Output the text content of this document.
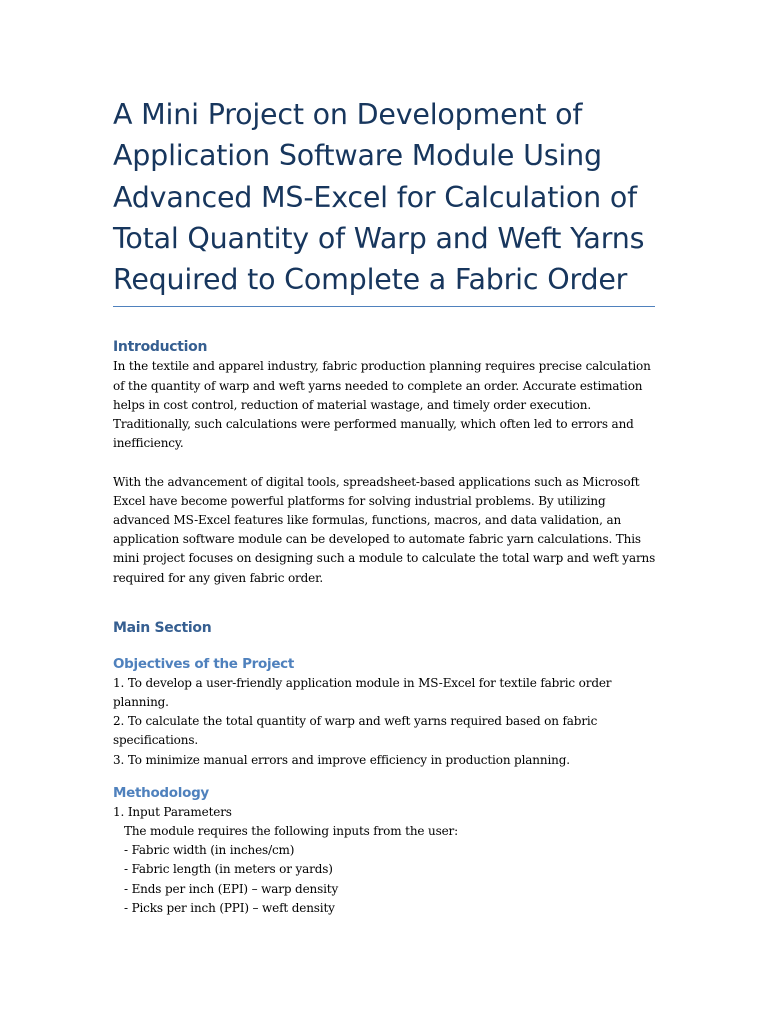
A Mini Project on Development of
Application Software Module Using
Advanced MS-Excel for Calculation of
Total Quantity of Warp and Weft Yarns
Required to Complete a Fabric Order
Introduction

In the textile and apparel industry, fabric production planning requires precise calculation
of the quantity of warp and weft yarns needed to complete an order. Accurate estimation
helps in cost control, reduction of material wastage, and timely order execution.
Traditionally, such calculations were performed manually, which often led to errors and
inefficiency.

With the advancement of digital tools, spreadsheet-based applications such as Microsoft
Excel have become powerful platforms for solving industrial problems. By utilizing
advanced MS-Excel features like formulas, functions, macros, and data validation, an
application software module can be developed to automate fabric yarn calculations. This
mini project focuses on designing such a module to calculate the total warp and weft yarns
required for any given fabric order.

Main Section
Objectives of the Project

1. To develop a user-friendly application module in MS-Excel for textile fabric order
planning.
2. To calculate the total quantity of warp and weft yarns required based on fabric
specifications.
3. To minimize manual errors and improve efficiency in production planning.

Methodology

1. Input Parameters
The module requires the following inputs from the user:
- Fabric width (in inches/cm)
- Fabric length (in meters or yards)
- Ends per inch (EPI) – warp density
- Picks per inch (PPI) – weft density
